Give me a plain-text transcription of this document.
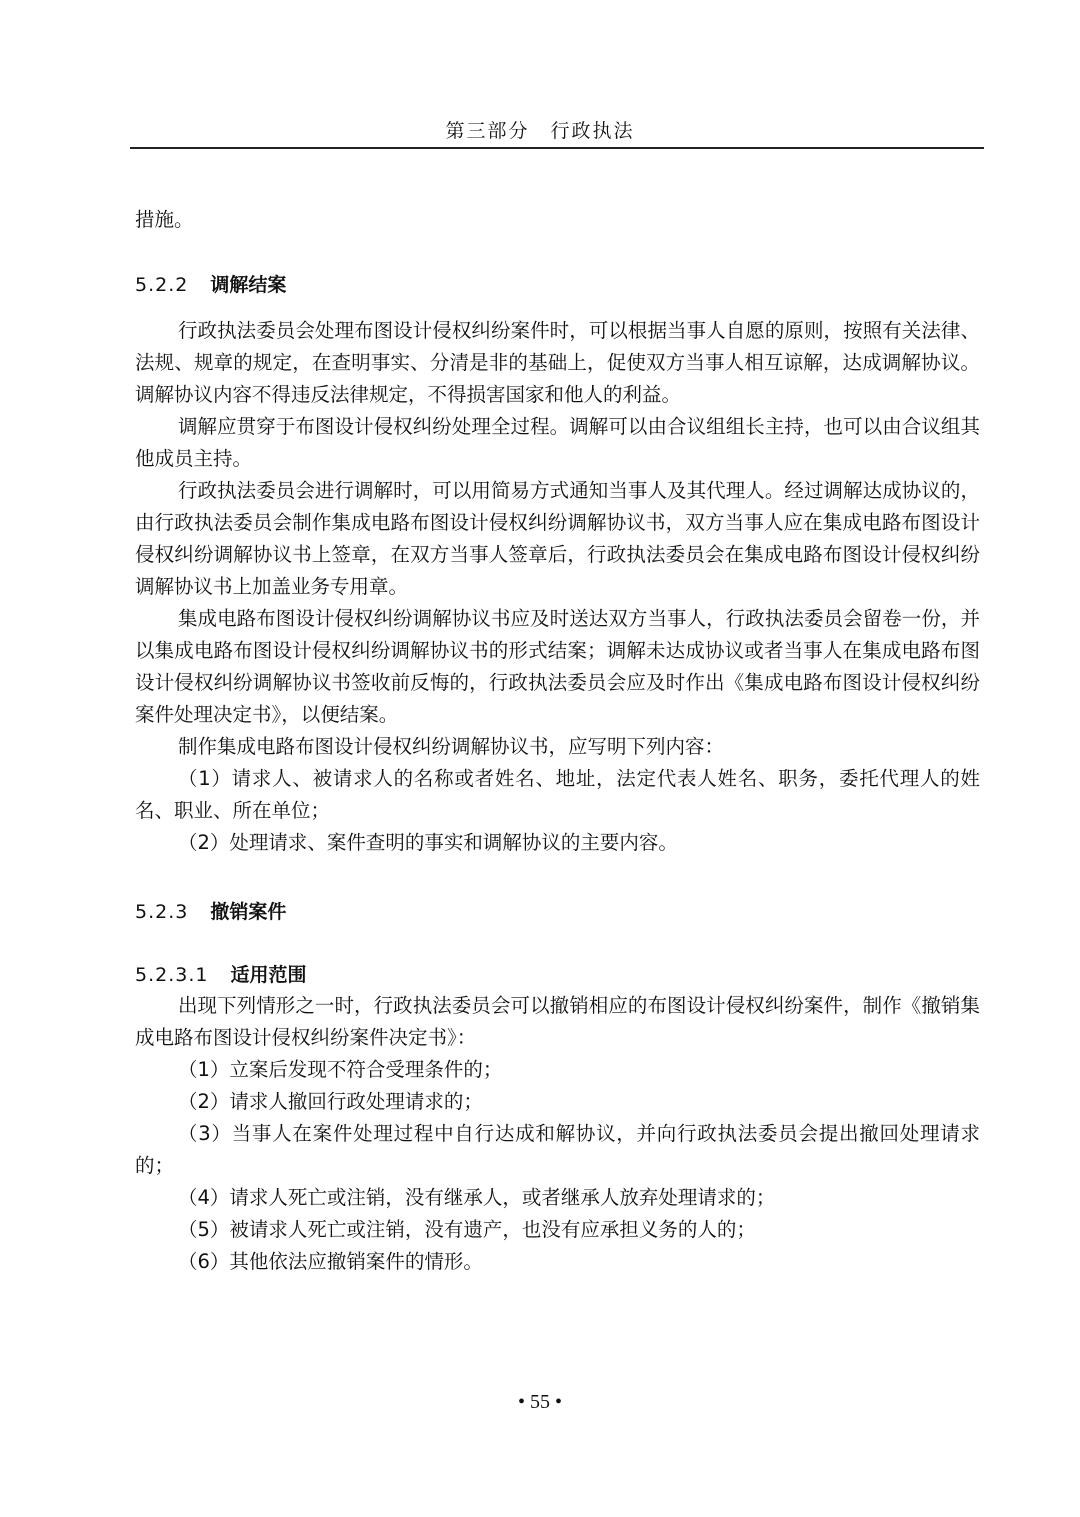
第三部分　行政执法
措施。
5.2.2 调解结案
行政执法委员会处理布图设计侵权纠纷案件时，可以根据当事人自愿的原则，按照有关法律、法规、规章的规定，在查明事实、分清是非的基础上，促使双方当事人相互谅解，达成调解协议。调解协议内容不得违反法律规定，不得损害国家和他人的利益。
调解应贯穿于布图设计侵权纠纷处理全过程。调解可以由合议组组长主持，也可以由合议组其他成员主持。
行政执法委员会进行调解时，可以用简易方式通知当事人及其代理人。经过调解达成协议的，由行政执法委员会制作集成电路布图设计侵权纠纷调解协议书，双方当事人应在集成电路布图设计侵权纠纷调解协议书上签章，在双方当事人签章后，行政执法委员会在集成电路布图设计侵权纠纷调解协议书上加盖业务专用章。
集成电路布图设计侵权纠纷调解协议书应及时送达双方当事人，行政执法委员会留卷一份，并以集成电路布图设计侵权纠纷调解协议书的形式结案；调解未达成协议或者当事人在集成电路布图设计侵权纠纷调解协议书签收前反悔的，行政执法委员会应及时作出《集成电路布图设计侵权纠纷案件处理决定书》，以便结案。
制作集成电路布图设计侵权纠纷调解协议书，应写明下列内容：
（1）请求人、被请求人的名称或者姓名、地址，法定代表人姓名、职务，委托代理人的姓名、职业、所在单位；
（2）处理请求、案件查明的事实和调解协议的主要内容。
5.2.3 撤销案件
5.2.3.1 适用范围
出现下列情形之一时，行政执法委员会可以撤销相应的布图设计侵权纠纷案件，制作《撤销集成电路布图设计侵权纠纷案件决定书》：
（1）立案后发现不符合受理条件的；
（2）请求人撤回行政处理请求的；
（3）当事人在案件处理过程中自行达成和解协议，并向行政执法委员会提出撤回处理请求的；
（4）请求人死亡或注销，没有继承人，或者继承人放弃处理请求的；
（5）被请求人死亡或注销，没有遗产，也没有应承担义务的人的；
（6）其他依法应撤销案件的情形。
• 55 •
